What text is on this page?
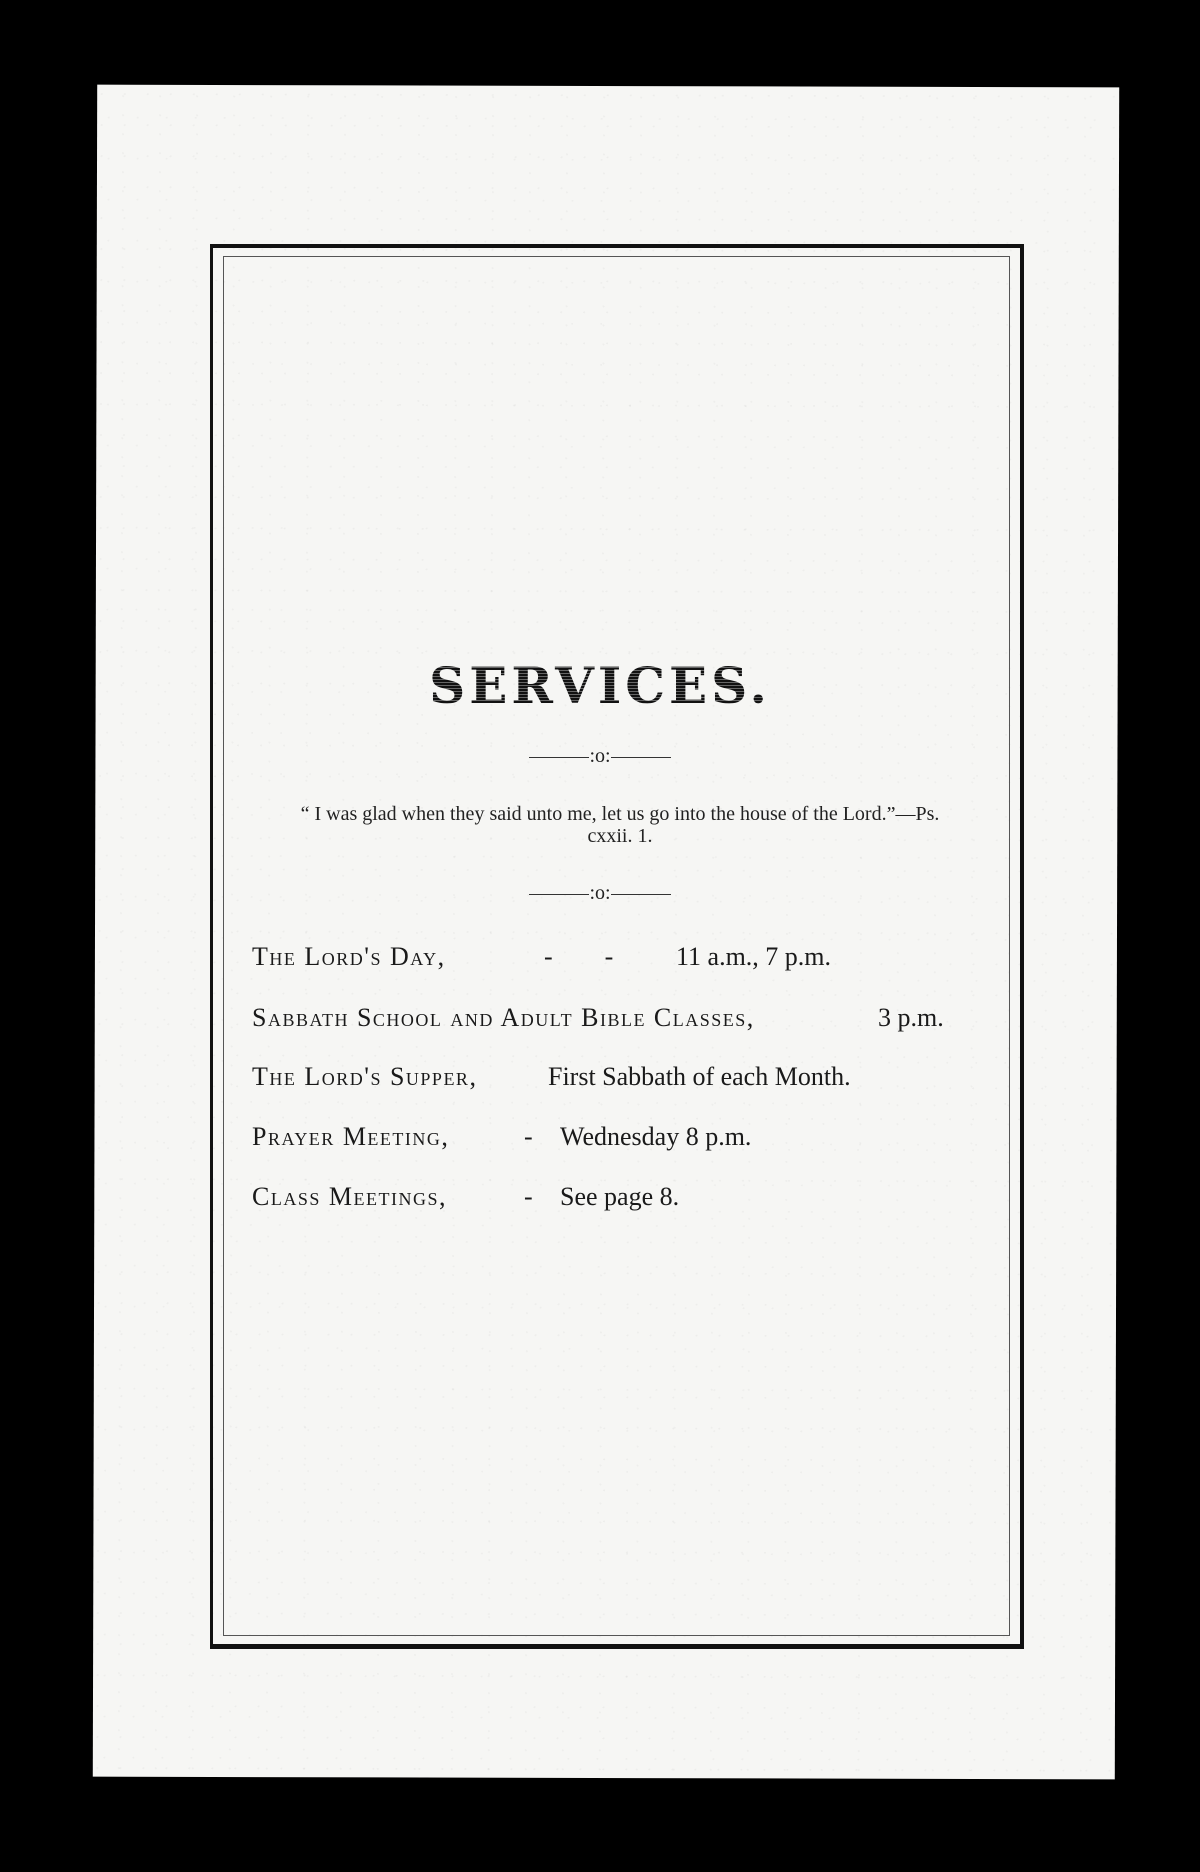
SERVICES.
:o:
“ I was glad when they said unto me, let us go into the house of the Lord.”—Ps. cxxii. 1.
:o:
The Lord's Day,	-        - 11 a.m., 7 p.m.
Sabbath School and Adult Bible Classes,	3 p.m.
The Lord's Supper,	First Sabbath of each Month.
Prayer Meeting,	- Wednesday 8 p.m.
Class Meetings,	- See page 8.
